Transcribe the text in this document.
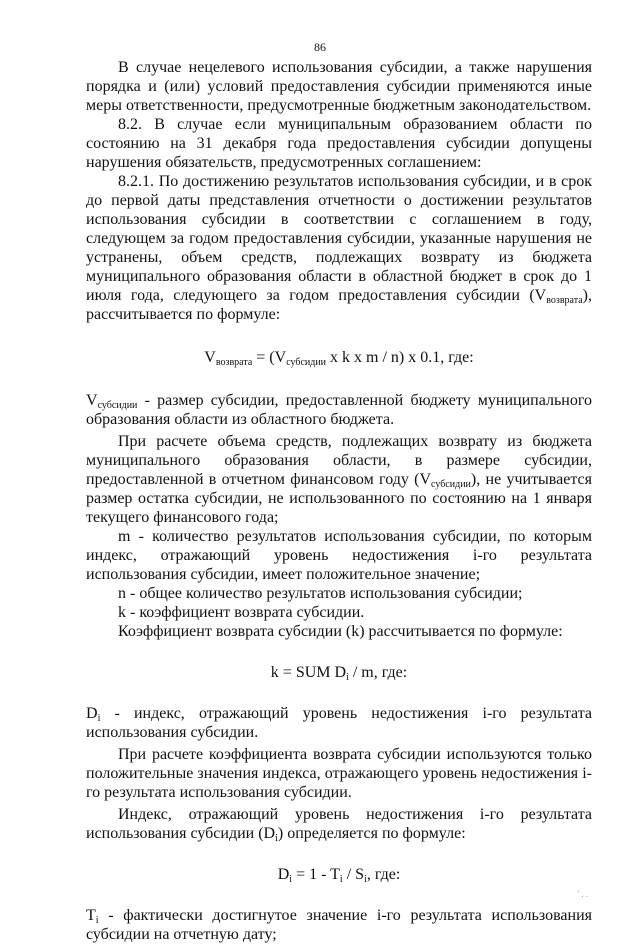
86

В случае нецелевого использования субсидии, а также нарушения порядка и (или) условий предоставления субсидии применяются иные меры ответственности, предусмотренные бюджетным законодательством.

8.2. В случае если муниципальным образованием области по состоянию на 31 декабря года предоставления субсидии допущены нарушения обязательств, предусмотренных соглашением:

8.2.1. По достижению результатов использования субсидии, и в срок до первой даты представления отчетности о достижении результатов использования субсидии в соответствии с соглашением в году, следующем за годом предоставления субсидии, указанные нарушения не устранены, объем средств, подлежащих возврату из бюджета муниципального образования области в областной бюджет в срок до 1 июля года, следующего за годом предоставления субсидии $(V_{возврата})$, рассчитывается по формуле:

$V_{возврата} = (V_{субсидии}$ x k x m / n) x 0.1, где:

$V_{субсидии}$ - размер субсидии, предоставленной бюджету муниципального образования области из областного бюджета.

При расчете объема средств, подлежащих возврату из бюджета муниципального образования области, в размере субсидии, предоставленной в отчетном финансовом году $(V_{субсидии})$, не учитывается размер остатка субсидии, не использованного по состоянию на 1 января текущего финансового года;

m - количество результатов использования субсидии, по которым индекс, отражающий уровень недостижения i-го результата использования субсидии, имеет положительное значение;

n - общее количество результатов использования субсидии;

k - коэффициент возврата субсидии.

Коэффициент возврата субсидии (k) рассчитывается по формуле:

k = SUM $D_i$ / m, где:

$D_i$ - индекс, отражающий уровень недостижения i-го результата использования субсидии.

При расчете коэффициента возврата субсидии используются только положительные значения индекса, отражающего уровень недостижения i-го результата использования субсидии.

Индекс, отражающий уровень недостижения i-го результата использования субсидии $(D_i)$ определяется по формуле:

$D_i = 1 - T_i / S_i$, где:

$T_i$ - фактически достигнутое значение i-го результата использования субсидии на отчетную дату;

' . .
